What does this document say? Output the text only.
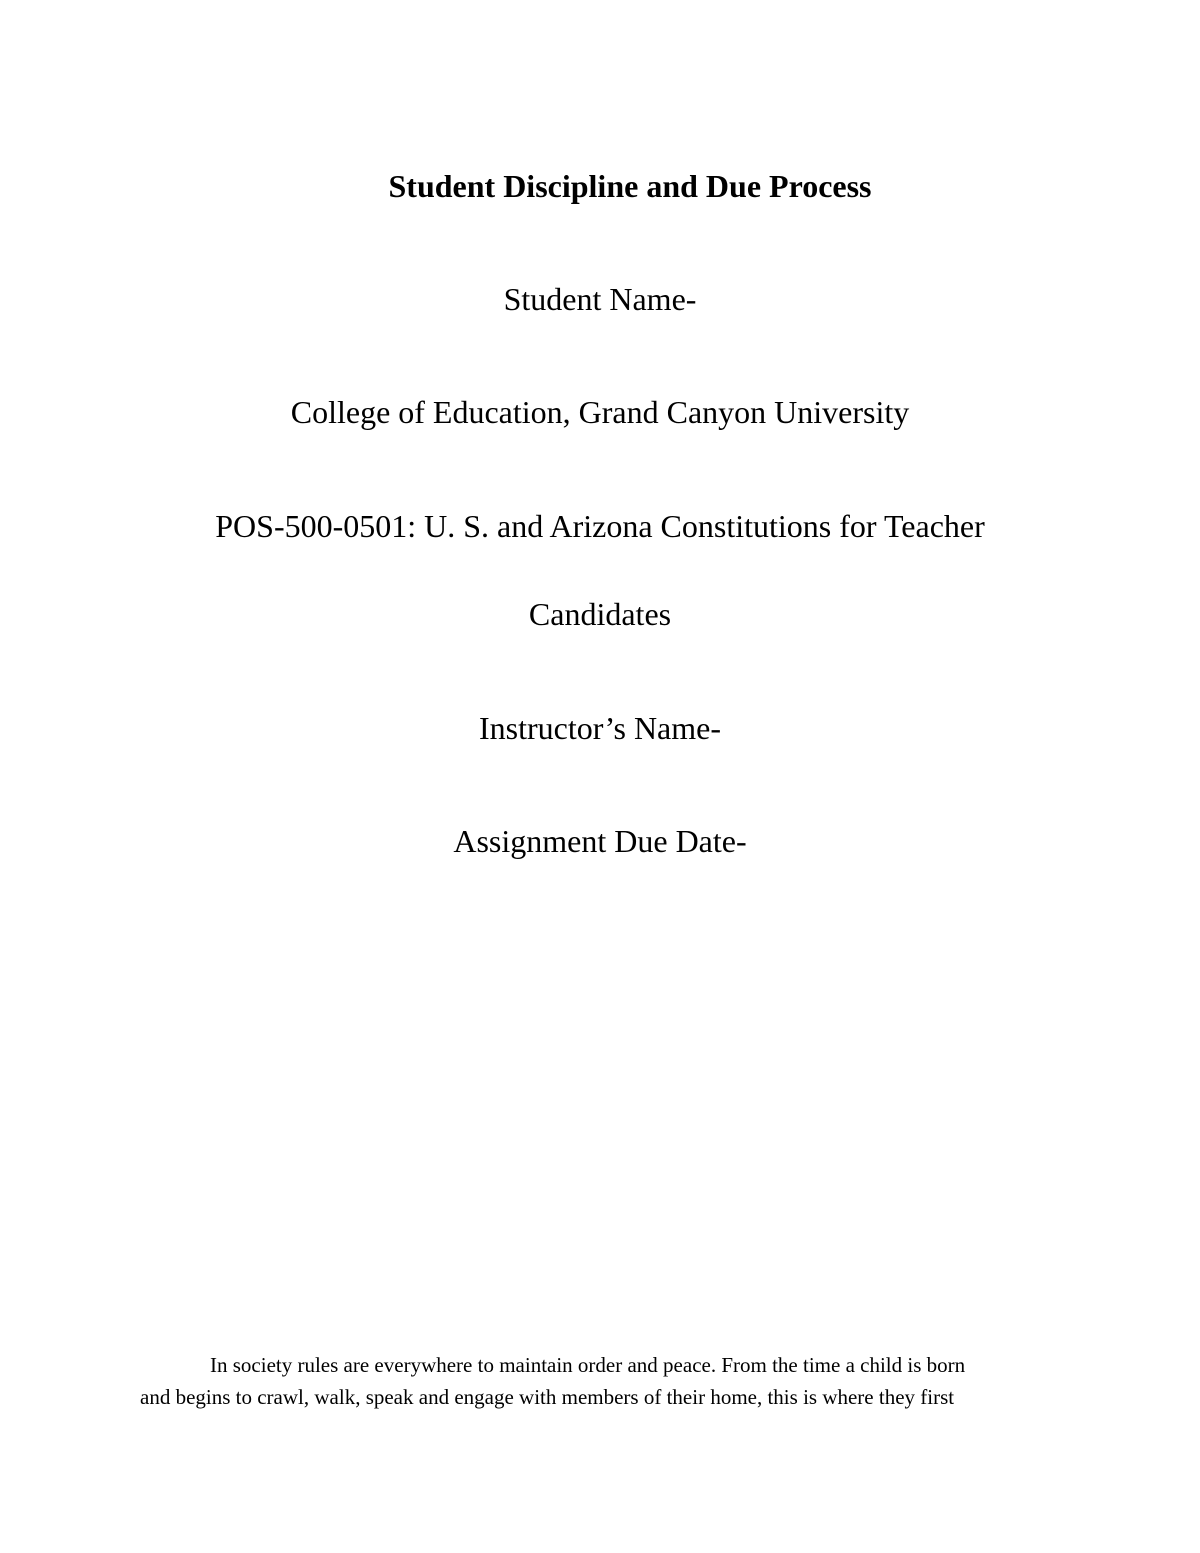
Student Discipline and Due Process
Student Name-
College of Education, Grand Canyon University
POS-500-0501: U. S. and Arizona Constitutions for Teacher
Candidates
Instructor’s Name-
Assignment Due Date-

In society rules are everywhere to maintain order and peace. From the time a child is born
and begins to crawl, walk, speak and engage with members of their home, this is where they first
